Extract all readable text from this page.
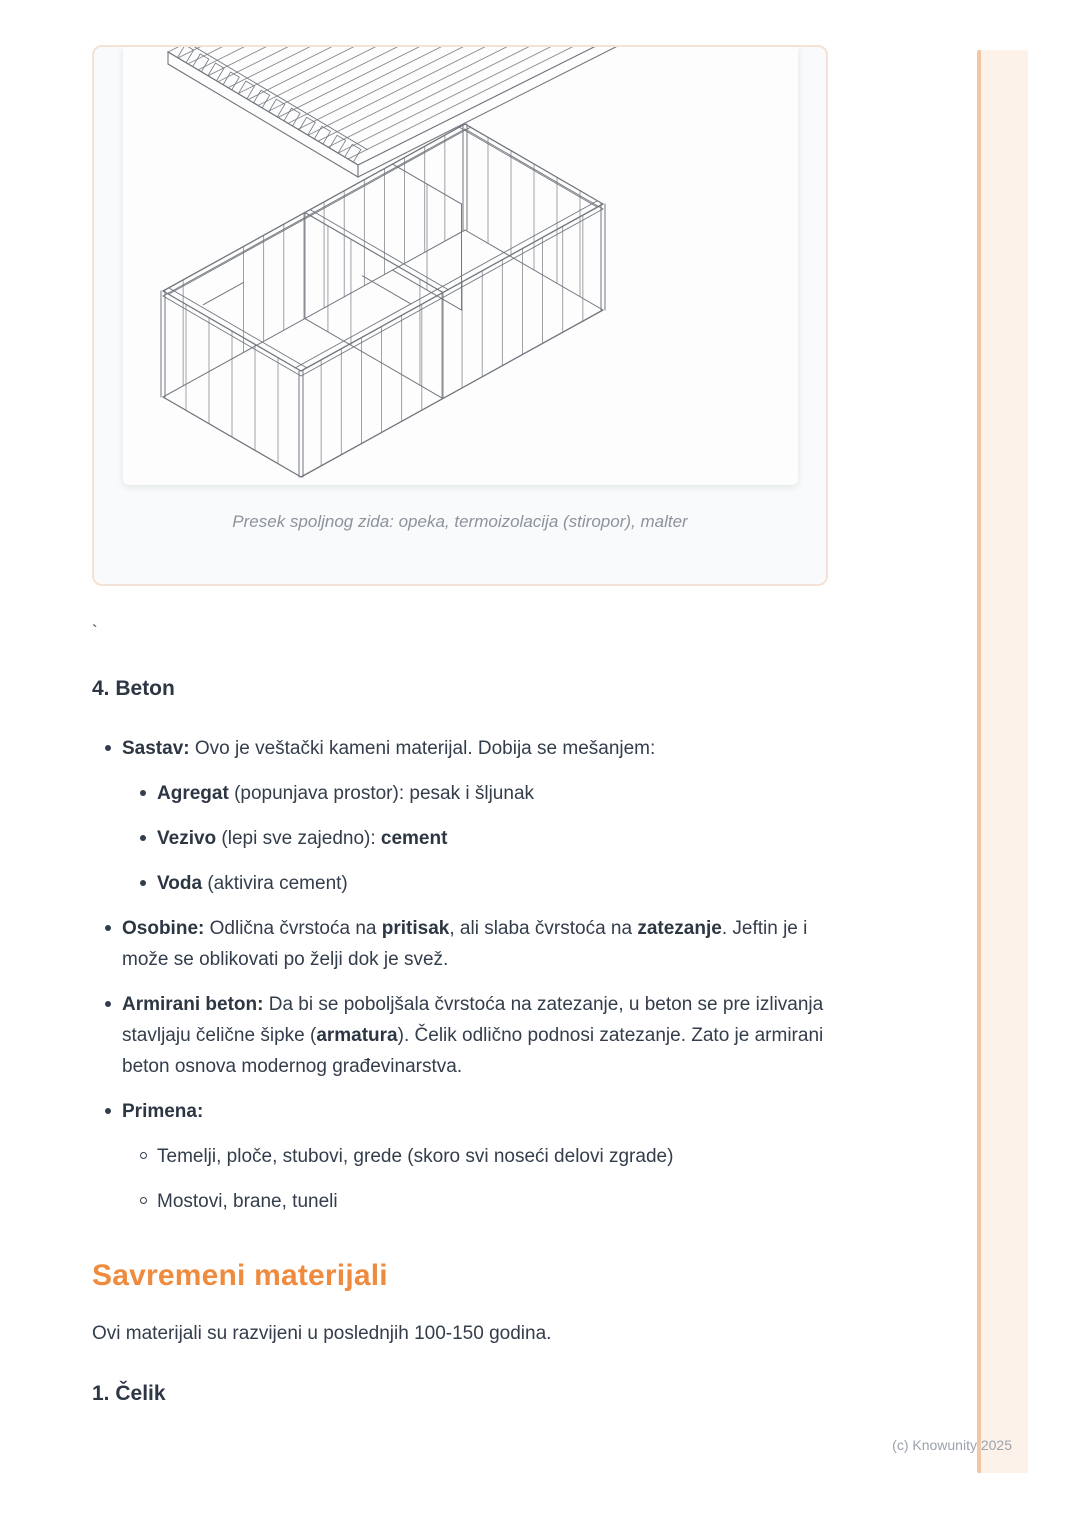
(c) Knowunity 2025
Presek spoljnog zida: opeka, termoizolacija (stiropor), malter
`
4. Beton
Sastav: Ovo je veštački kameni materijal. Dobija se mešanjem:
Agregat (popunjava prostor): pesak i šljunak
Vezivo (lepi sve zajedno): cement
Voda (aktivira cement)
Osobine: Odlična čvrstoća na pritisak, ali slaba čvrstoća na zatezanje. Jeftin je i može se oblikovati po želji dok je svež.
Armirani beton: Da bi se poboljšala čvrstoća na zatezanje, u beton se pre izlivanja stavljaju čelične šipke (armatura). Čelik odlično podnosi zatezanje. Zato je armirani beton osnova modernog građevinarstva.
Primena:
Temelji, ploče, stubovi, grede (skoro svi noseći delovi zgrade)
Mostovi, brane, tuneli
Savremeni materijali

Ovi materijali su razvijeni u poslednjih 100-150 godina.

1. Čelik
